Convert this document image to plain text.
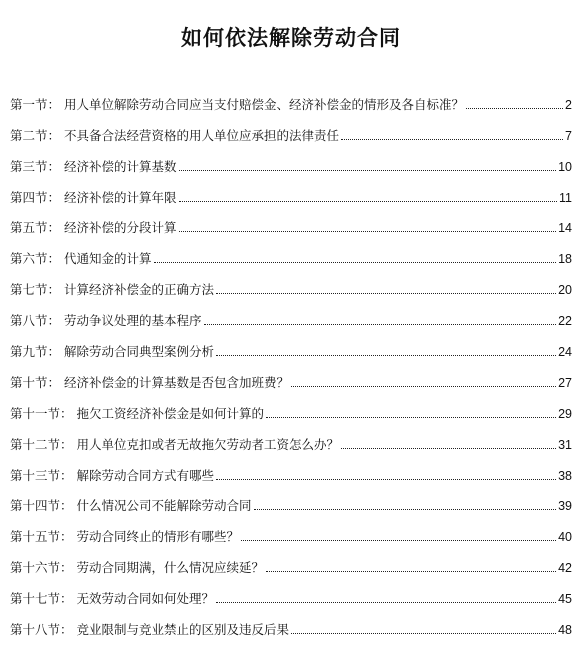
如何依法解除劳动合同
第一节： 用人单位解除劳动合同应当支付赔偿金、经济补偿金的情形及各自标准？	2
第二节： 不具备合法经营资格的用人单位应承担的法律责任	7
第三节： 经济补偿的计算基数	10
第四节： 经济补偿的计算年限	11
第五节： 经济补偿的分段计算	14
第六节： 代通知金的计算	18
第七节： 计算经济补偿金的正确方法	20
第八节： 劳动争议处理的基本程序	22
第九节： 解除劳动合同典型案例分析	24
第十节： 经济补偿金的计算基数是否包含加班费？	27
第十一节： 拖欠工资经济补偿金是如何计算的	29
第十二节： 用人单位克扣或者无故拖欠劳动者工资怎么办？	31
第十三节： 解除劳动合同方式有哪些	38
第十四节： 什么情况公司不能解除劳动合同	39
第十五节： 劳动合同终止的情形有哪些？	40
第十六节： 劳动合同期满，什么情况应续延？	42
第十七节： 无效劳动合同如何处理？	45
第十八节： 竞业限制与竞业禁止的区别及违反后果	48
